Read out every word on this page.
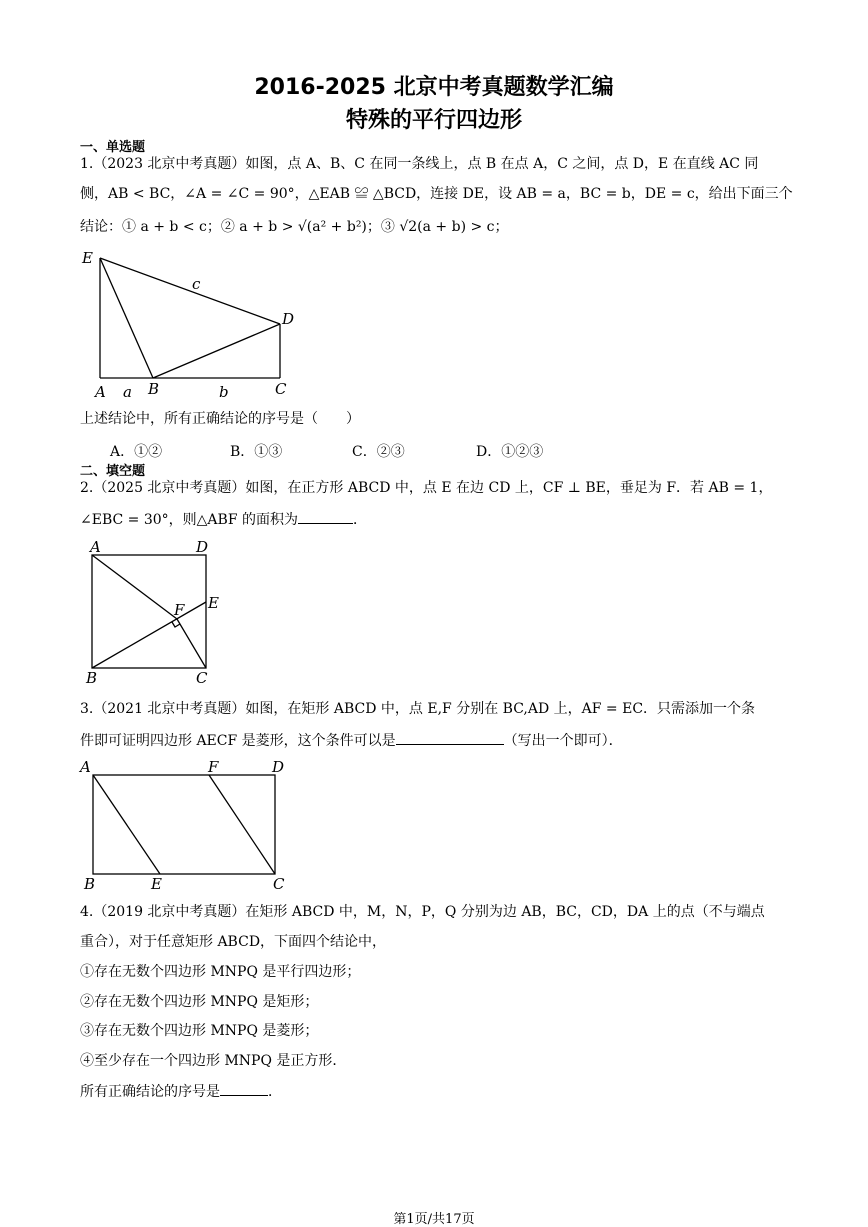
2016-2025 北京中考真题数学汇编
特殊的平行四边形
一、单选题
1.（2023 北京中考真题）如图，点 A、B、C 在同一条线上，点 B 在点 A，C 之间，点 D，E 在直线 AC 同
侧，AB < BC，∠A = ∠C = 90°，△EAB ≌ △BCD，连接 DE，设 AB = a，BC = b，DE = c，给出下面三个
结论：① a + b < c；② a + b > √(a² + b²)；③ √2(a + b) > c；
E
D
c
A a B	b	C
上述结论中，所有正确结论的序号是（　　）
A．①②	B．①③	C．②③	D．①②③
二、填空题
2.（2025 北京中考真题）如图，在正方形 ABCD 中，点 E 在边 CD 上，CF ⊥ BE，垂足为 F．若 AB = 1，
∠EBC = 30°，则△ABF 的面积为	．
A	D
F E
B	C
3.（2021 北京中考真题）如图，在矩形 ABCD 中，点 E,F 分别在 BC,AD 上，AF = EC．只需添加一个条
件即可证明四边形 AECF 是菱形，这个条件可以是	（写出一个即可）．
A	F	D
B	E	C
4.（2019 北京中考真题）在矩形 ABCD 中，M，N，P，Q 分别为边 AB，BC，CD，DA 上的点（不与端点
重合），对于任意矩形 ABCD，下面四个结论中，
①存在无数个四边形 MNPQ 是平行四边形；
②存在无数个四边形 MNPQ 是矩形；
③存在无数个四边形 MNPQ 是菱形；
④至少存在一个四边形 MNPQ 是正方形．
所有正确结论的序号是	．
第1页/共17页
